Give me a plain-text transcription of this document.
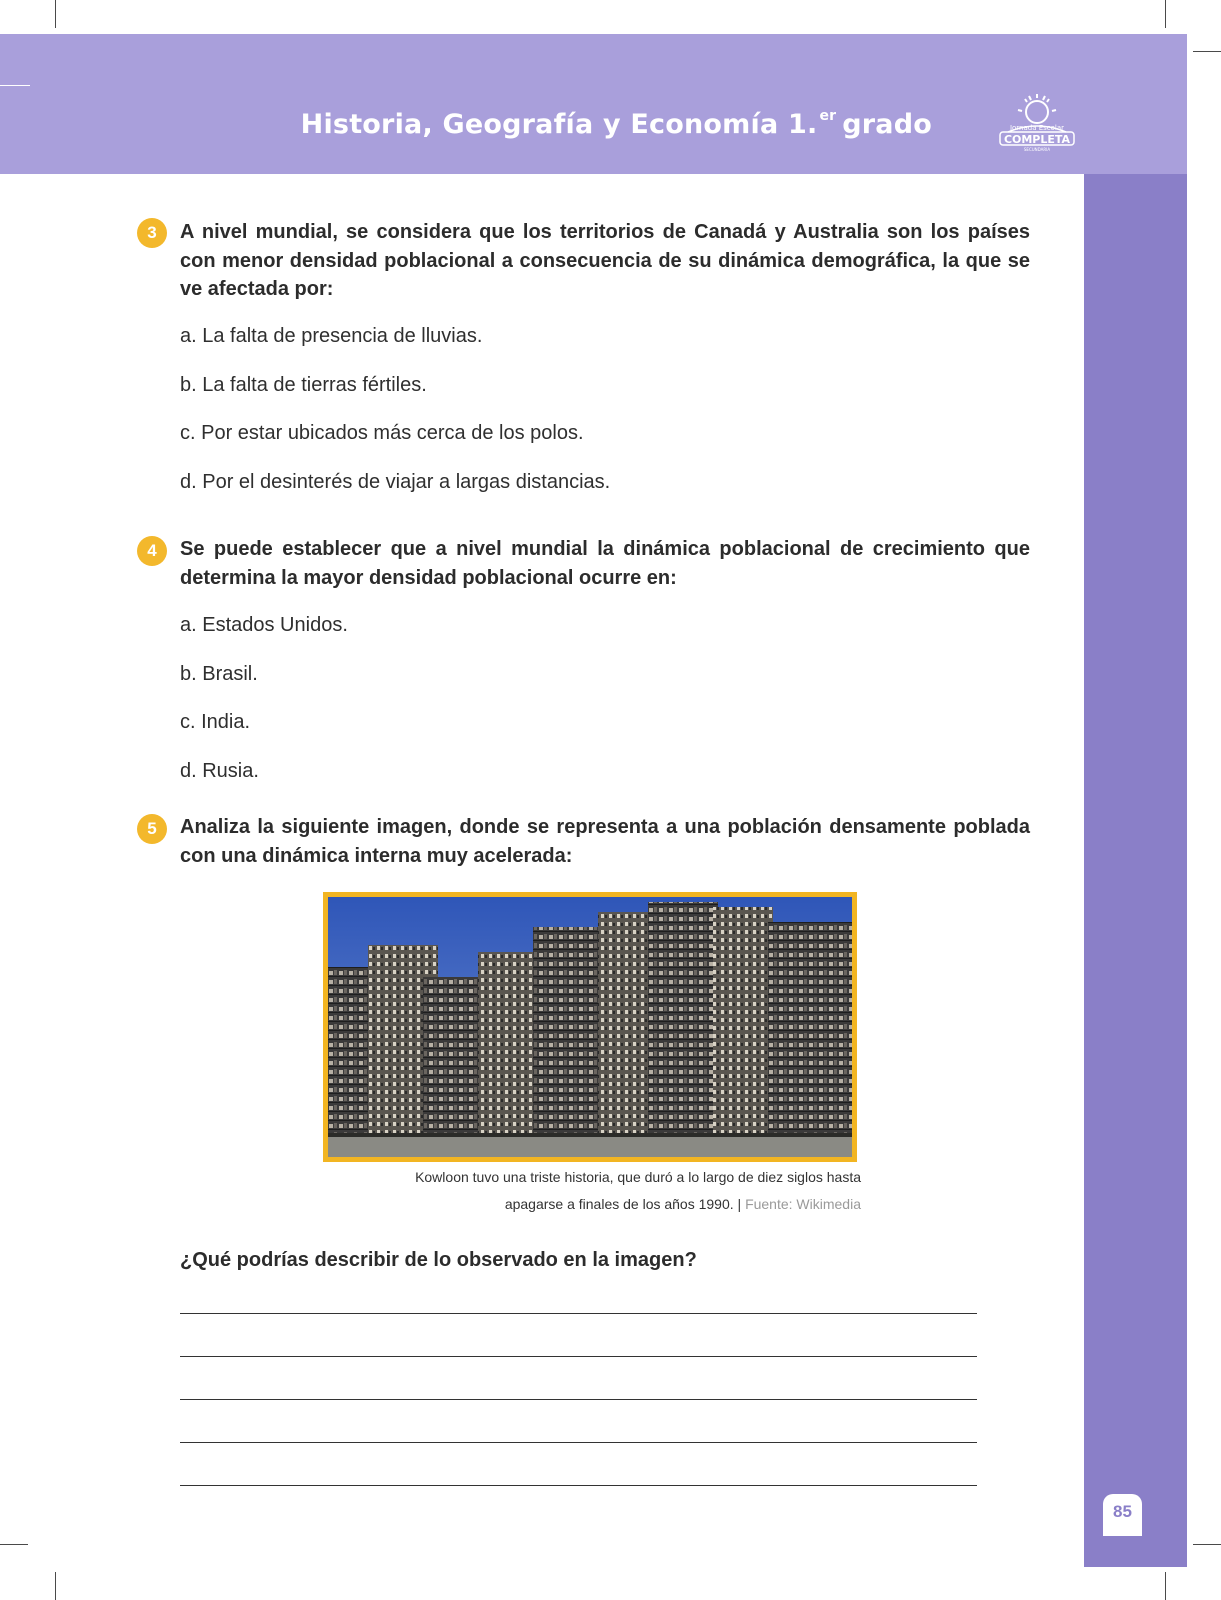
Historia, Geografía y Economía 1. $^{er}$ grado	Jornada Escolar
COMPLETA
SECUNDARIA
85
3	A nivel mundial, se considera que los territorios de Canadá y Australia son los países con menor densidad poblacional a consecuencia de su dinámica demográfica, la que se ve afectada por:
a. La falta de presencia de lluvias.
b. La falta de tierras fértiles.
c. Por estar ubicados más cerca de los polos.
d. Por el desinterés de viajar a largas distancias.
4	Se puede establecer que a nivel mundial la dinámica poblacional de crecimiento que determina la mayor densidad poblacional ocurre en:
a. Estados Unidos.
b. Brasil.
c. India.
d. Rusia.
5	Analiza la siguiente imagen, donde se representa a una población densamente poblada con una dinámica interna muy acelerada:
Kowloon tuvo una triste historia, que duró a lo largo de diez siglos hasta
apagarse a finales de los años 1990. | Fuente: Wikimedia
¿Qué podrías describir de lo observado en la imagen?
